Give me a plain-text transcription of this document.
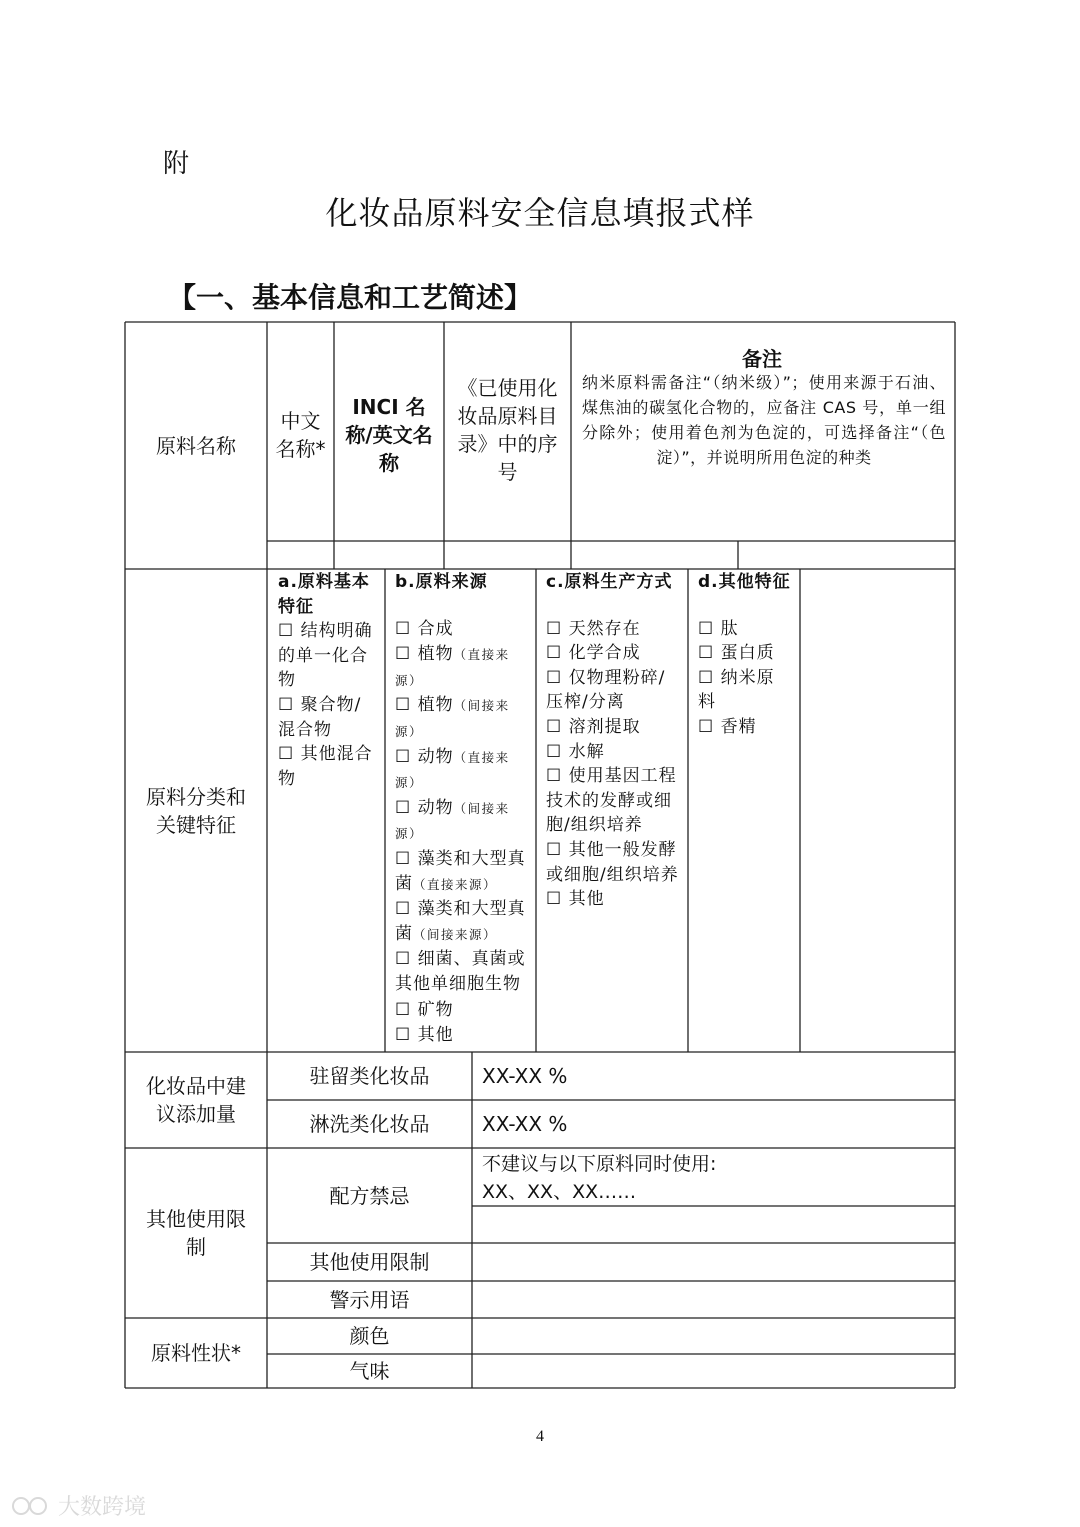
附
化妆品原料安全信息填报式样
【一、基本信息和工艺简述】
原料名称
中文名称*
INCI 名称/英文名称
《已使用化妆品原料目录》中的序号
备注
纳米原料需备注“（纳米级）”；使用来源于石油、煤焦油的碳氢化合物的，应备注 CAS 号，单一组分除外；使用着色剂为色淀的，可选择备注“（色淀）”，并说明所用色淀的种类
原料分类和关键特征
a.原料基本特征
☐ 结构明确的单一化合物
☐ 聚合物/混合物
☐ 其他混合物
b.原料来源
☐ 合成
☐ 植物（直接来源）
☐ 植物（间接来源）
☐ 动物（直接来源）
☐ 动物（间接来源）
☐ 藻类和大型真菌（直接来源）
☐ 藻类和大型真菌（间接来源）
☐ 细菌、真菌或其他单细胞生物
☐ 矿物
☐ 其他
c.原料生产方式
☐ 天然存在
☐ 化学合成
☐ 仅物理粉碎/压榨/分离
☐ 溶剂提取
☐ 水解
☐ 使用基因工程技术的发酵或细胞/组织培养
☐ 其他一般发酵或细胞/组织培养
☐ 其他
d.其他特征
☐ 肽
☐ 蛋白质
☐ 纳米原料
☐ 香精
化妆品中建议添加量
驻留类化妆品	XX-XX %
淋洗类化妆品	XX-XX %
其他使用限制
配方禁忌
不建议与以下原料同时使用:
XX、XX、XX……
其他使用限制
警示用语
原料性状*
颜色
气味
4
大数跨境
